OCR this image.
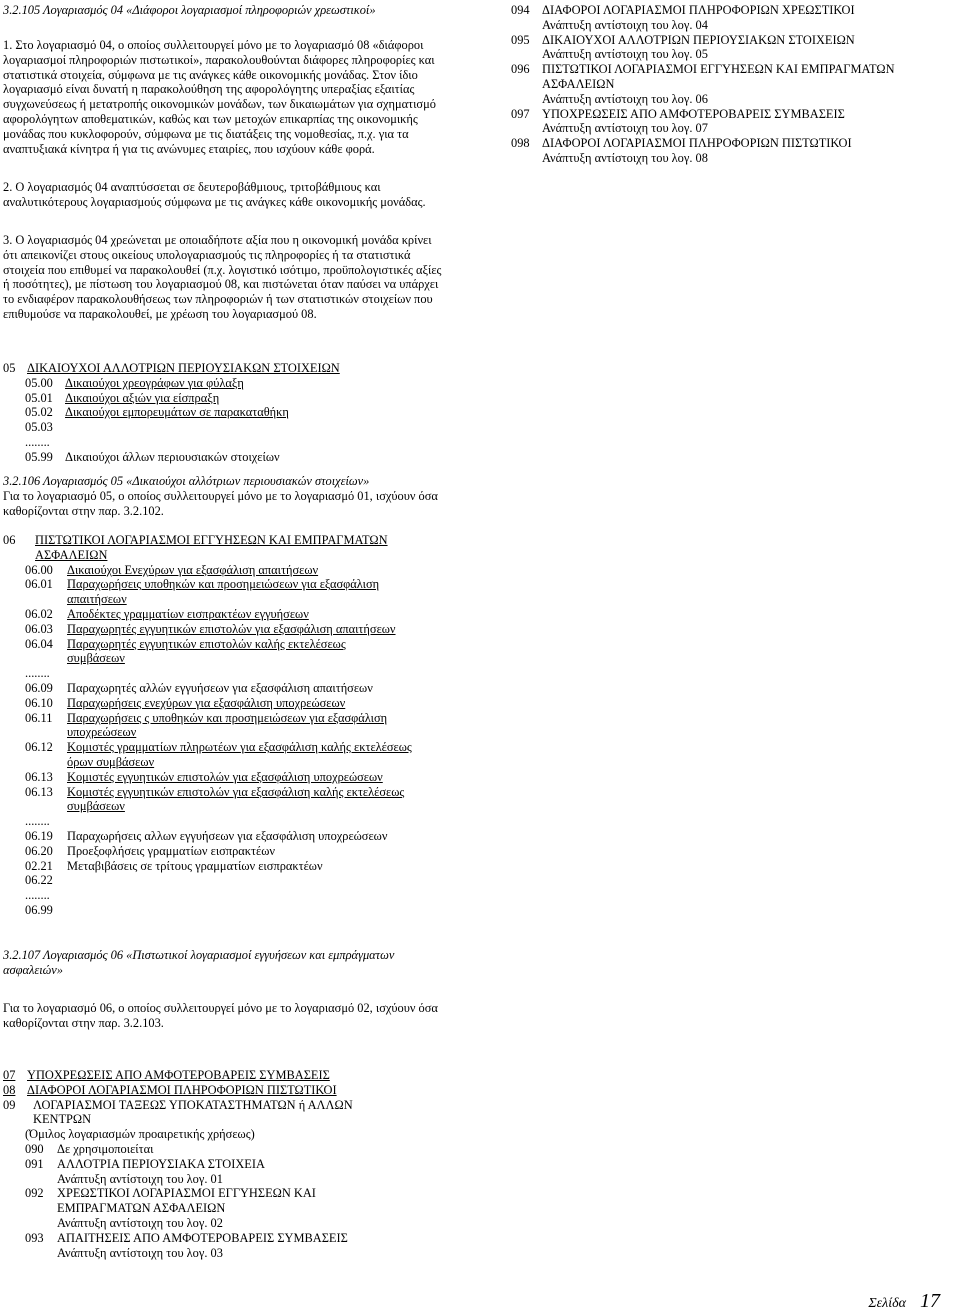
3.2.105 Λογαριασμός 04 «Διάφοροι λογαριασμοί πληροφοριών χρεωστικοί»
1. Στο λογαριασμό 04, ο οποίος συλλειτουργεί μόνο με το λογαριασμό 08 «διάφοροι λογαριασμοί πληροφοριών πιστωτικοί», παρακολουθούνται διάφορες πληροφορίες και στατιστικά στοιχεία, σύμφωνα με τις ανάγκες κάθε οικονομικής μονάδας. Στον ίδιο λογαριασμό είναι δυνατή η παρακολούθηση της αφορολόγητης υπεραξίας εξαιτίας συγχωνεύσεως ή μετατροπής οικονομικών μονάδων, των δικαιωμάτων για σχηματισμό αφορολόγητων αποθεματικών, καθώς και των μετοχών επικαρπίας της οικονομικής μονάδας που κυκλοφορούν, σύμφωνα με τις διατάξεις της νομοθεσίας, π.χ. για τα αναπτυξιακά κίνητρα ή για τις ανώνυμες εταιρίες, που ισχύουν κάθε φορά.
094	ΔΙΑΦΟΡΟΙ ΛΟΓΑΡΙΑΣΜΟΙ ΠΛΗΡΟΦΟΡΙΩΝ ΧΡΕΩΣΤΙΚΟΙ
Ανάπτυξη αντίστοιχη του λογ. 04
095	ΔΙΚΑΙΟΥΧΟΙ ΑΛΛΟΤΡΙΩΝ ΠΕΡΙΟΥΣΙΑΚΩΝ ΣΤΟΙΧΕΙΩΝ
Ανάπτυξη αντίστοιχη του λογ. 05
096	ΠΙΣΤΩΤΙΚΟΙ ΛΟΓΑΡΙΑΣΜΟΙ ΕΓΓΥΗΣΕΩΝ ΚΑΙ ΕΜΠΡΑΓΜΑΤΩΝ ΑΣΦΑΛΕΙΩΝ
Ανάπτυξη αντίστοιχη του λογ. 06
097	ΥΠΟΧΡΕΩΣΕΙΣ ΑΠΟ ΑΜΦΟΤΕΡΟΒΑΡΕΙΣ ΣΥΜΒΑΣΕΙΣ
Ανάπτυξη αντίστοιχη του λογ. 07
098	ΔΙΑΦΟΡΟΙ ΛΟΓΑΡΙΑΣΜΟΙ ΠΛΗΡΟΦΟΡΙΩΝ ΠΙΣΤΩΤΙΚΟΙ
Ανάπτυξη αντίστοιχη του λογ. 08
2. Ο λογαριασμός 04 αναπτύσσεται σε δευτεροβάθμιους, τριτοβάθμιους και αναλυτικότερους λογαριασμούς σύμφωνα με τις ανάγκες κάθε οικονομικής μονάδας.
3. Ο λογαριασμός 04 χρεώνεται με οποιαδήποτε αξία που η οικονομική μονάδα κρίνει ότι απεικονίζει στους οικείους υπολογαριασμούς τις πληροφορίες ή τα στατιστικά στοιχεία που επιθυμεί να παρακολουθεί (π.χ. λογιστικό ισότιμο, προϋπολογιστικές αξίες ή ποσότητες), με πίστωση του λογαριασμού 08, και πιστώνεται όταν παύσει να υπάρχει το ενδιαφέρον παρακολουθήσεως των πληροφοριών ή των στατιστικών στοιχείων που επιθυμούσε να παρακολουθεί, με χρέωση του λογαριασμού 08.
05 ΔΙΚΑΙΟΥΧΟΙ ΑΛΛΟΤΡΙΩΝ ΠΕΡΙΟΥΣΙΑΚΩΝ ΣΤΟΙΧΕΙΩΝ
05.00 Δικαιούχοι χρεογράφων για φύλαξη
05.01 Δικαιούχοι αξιών για είσπραξη
05.02 Δικαιούχοι εμπορευμάτων σε παρακαταθήκη
05.03
........
05.99 Δικαιούχοι άλλων περιουσιακών στοιχείων
3.2.106 Λογαριασμός 05 «Δικαιούχοι αλλότριων περιουσιακών στοιχείων»
Για το λογαριασμό 05, ο οποίος συλλειτουργεί μόνο με το λογαριασμό 01, ισχύουν όσα καθορίζονται στην παρ. 3.2.102.
06	ΠΙΣΤΩΤΙΚΟΙ ΛΟΓΑΡΙΑΣΜΟΙ ΕΓΓΥΗΣΕΩΝ ΚΑΙ ΕΜΠΡΑΓΜΑΤΩΝ ΑΣΦΑΛΕΙΩΝ
06.00	Δικαιούχοι Ενεχύρων για εξασφάλιση απαιτήσεων
06.01	Παραχωρήσεις υποθηκών και προσημειώσεων για εξασφάλιση απαιτήσεων
06.02	Αποδέκτες γραμματίων εισπρακτέων εγγυήσεων
06.03	Παραχωρητές εγγυητικών επιστολών για εξασφάλιση απαιτήσεων
06.04	Παραχωρητές εγγυητικών επιστολών καλής εκτελέσεως συμβάσεων
........
06.09	Παραχωρητές αλλών εγγυήσεων για εξασφάλιση απαιτήσεων
06.10	Παραχωρήσεις ενεχύρων για εξασφάλιση υποχρεώσεων
06.11	Παραχωρήσεις ς υποθηκών και προσημειώσεων για εξασφάλιση υποχρεώσεων
06.12	Κομιστές γραμματίων πληρωτέων για εξασφάλιση καλής εκτελέσεως όρων συμβάσεων
06.13	Κομιστές εγγυητικών επιστολών για εξασφάλιση υποχρεώσεων
06.13	Κομιστές εγγυητικών επιστολών για εξασφάλιση καλής εκτελέσεως συμβάσεων
........
06.19	Παραχωρήσεις αλλων εγγυήσεων για εξασφάλιση υποχρεώσεων
06.20	Προεξοφλήσεις γραμματίων εισπρακτέων
02.21	Μεταβιβάσεις σε τρίτους γραμματίων εισπρακτέων
06.22
........
06.99
3.2.107 Λογαριασμός 06 «Πιστωτικοί λογαριασμοί εγγυήσεων και εμπράγματων ασφαλειών»
Για το λογαριασμό 06, ο οποίος συλλειτουργεί μόνο με το λογαριασμό 02, ισχύουν όσα καθορίζονται στην παρ. 3.2.103.
07 ΥΠΟΧΡΕΩΣΕΙΣ ΑΠΟ ΑΜΦΟΤΕΡΟΒΑΡΕΙΣ ΣΥΜΒΑΣΕΙΣ
08 ΔΙΑΦΟΡΟΙ ΛΟΓΑΡΙΑΣΜΟΙ ΠΛΗΡΟΦΟΡΙΩΝ ΠΙΣΤΩΤΙΚΟΙ
09	ΛΟΓΑΡΙΑΣΜΟΙ ΤΑΞΕΩΣ ΥΠΟΚΑΤΑΣΤΗΜΑΤΩΝ ή ΑΛΛΩΝ ΚΕΝΤΡΩΝ
(Όμιλος λογαριασμών προαιρετικής χρήσεως)
090	Δε χρησιμοποιείται
091	ΑΛΛΟΤΡΙΑ ΠΕΡΙΟΥΣΙΑΚΑ ΣΤΟΙΧΕΙΑ
Ανάπτυξη αντίστοιχη του λογ. 01
092	ΧΡΕΩΣΤΙΚΟΙ ΛΟΓΑΡΙΑΣΜΟΙ ΕΓΓΥΗΣΕΩΝ ΚΑΙ ΕΜΠΡΑΓΜΑΤΩΝ ΑΣΦΑΛΕΙΩΝ
Ανάπτυξη αντίστοιχη του λογ. 02
093	ΑΠΑΙΤΗΣΕΙΣ ΑΠΟ ΑΜΦΟΤΕΡΟΒΑΡΕΙΣ ΣΥΜΒΑΣΕΙΣ
Ανάπτυξη αντίστοιχη του λογ. 03
Σελίδα 17
